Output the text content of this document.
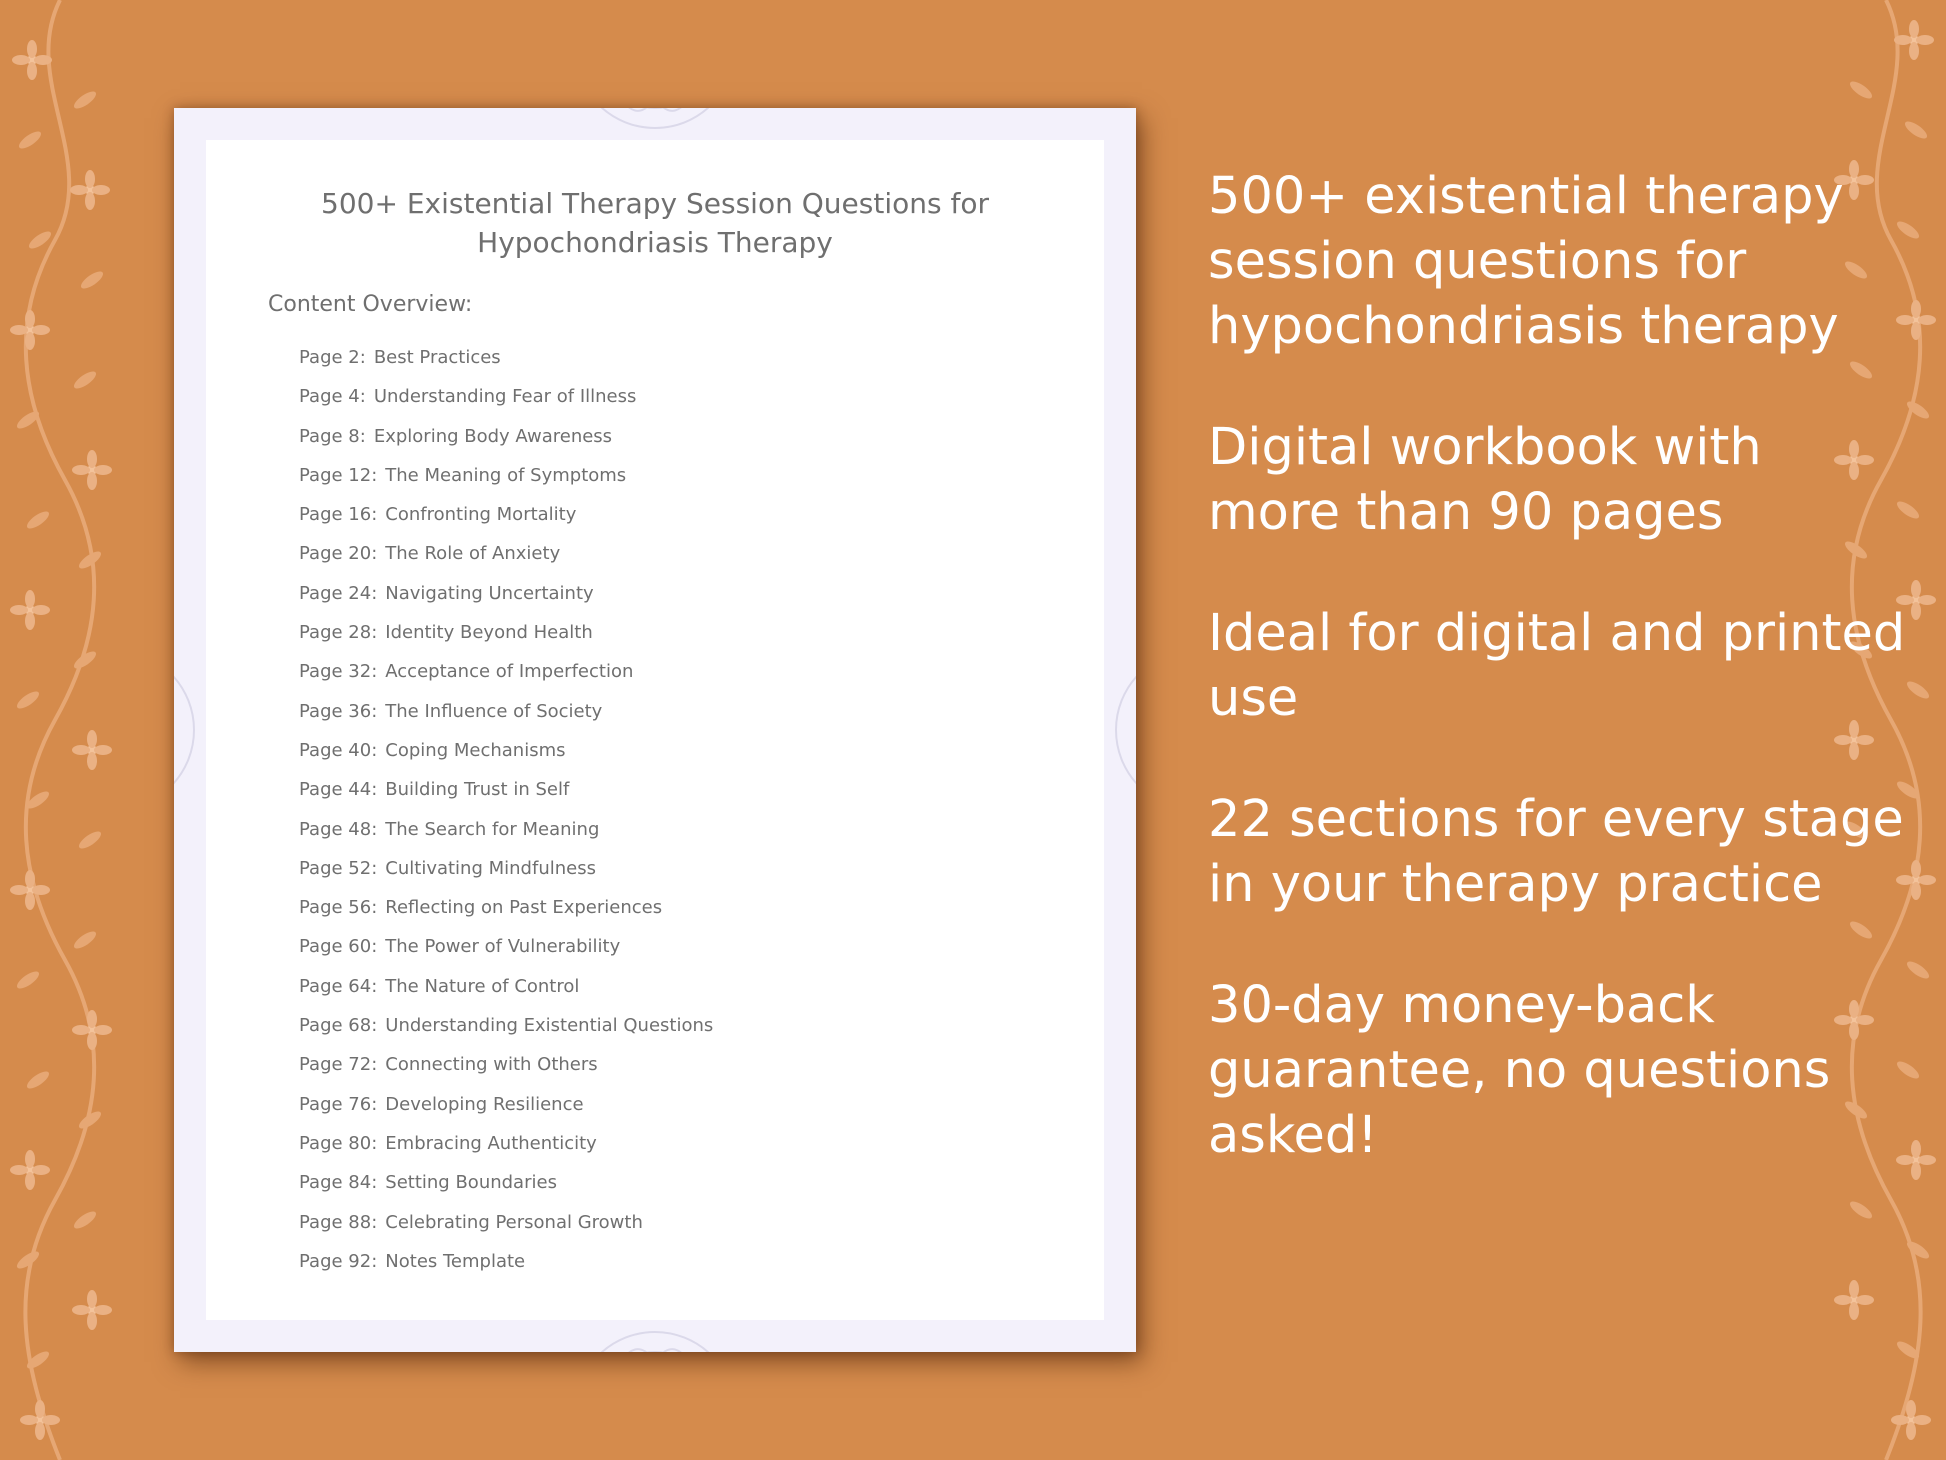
500+ Existential Therapy Session Questions for Hypochondriasis Therapy
Content Overview:
Page 2: Best Practices
Page 4: Understanding Fear of Illness
Page 8: Exploring Body Awareness
Page 12: The Meaning of Symptoms
Page 16: Confronting Mortality
Page 20: The Role of Anxiety
Page 24: Navigating Uncertainty
Page 28: Identity Beyond Health
Page 32: Acceptance of Imperfection
Page 36: The Influence of Society
Page 40: Coping Mechanisms
Page 44: Building Trust in Self
Page 48: The Search for Meaning
Page 52: Cultivating Mindfulness
Page 56: Reflecting on Past Experiences
Page 60: The Power of Vulnerability
Page 64: The Nature of Control
Page 68: Understanding Existential Questions
Page 72: Connecting with Others
Page 76: Developing Resilience
Page 80: Embracing Authenticity
Page 84: Setting Boundaries
Page 88: Celebrating Personal Growth
Page 92: Notes Template

500+ existential therapy session questions for hypochondriasis therapy

Digital workbook with more than 90 pages

Ideal for digital and printed use

22 sections for every stage in your therapy practice

30-day money-back guarantee, no questions asked!
